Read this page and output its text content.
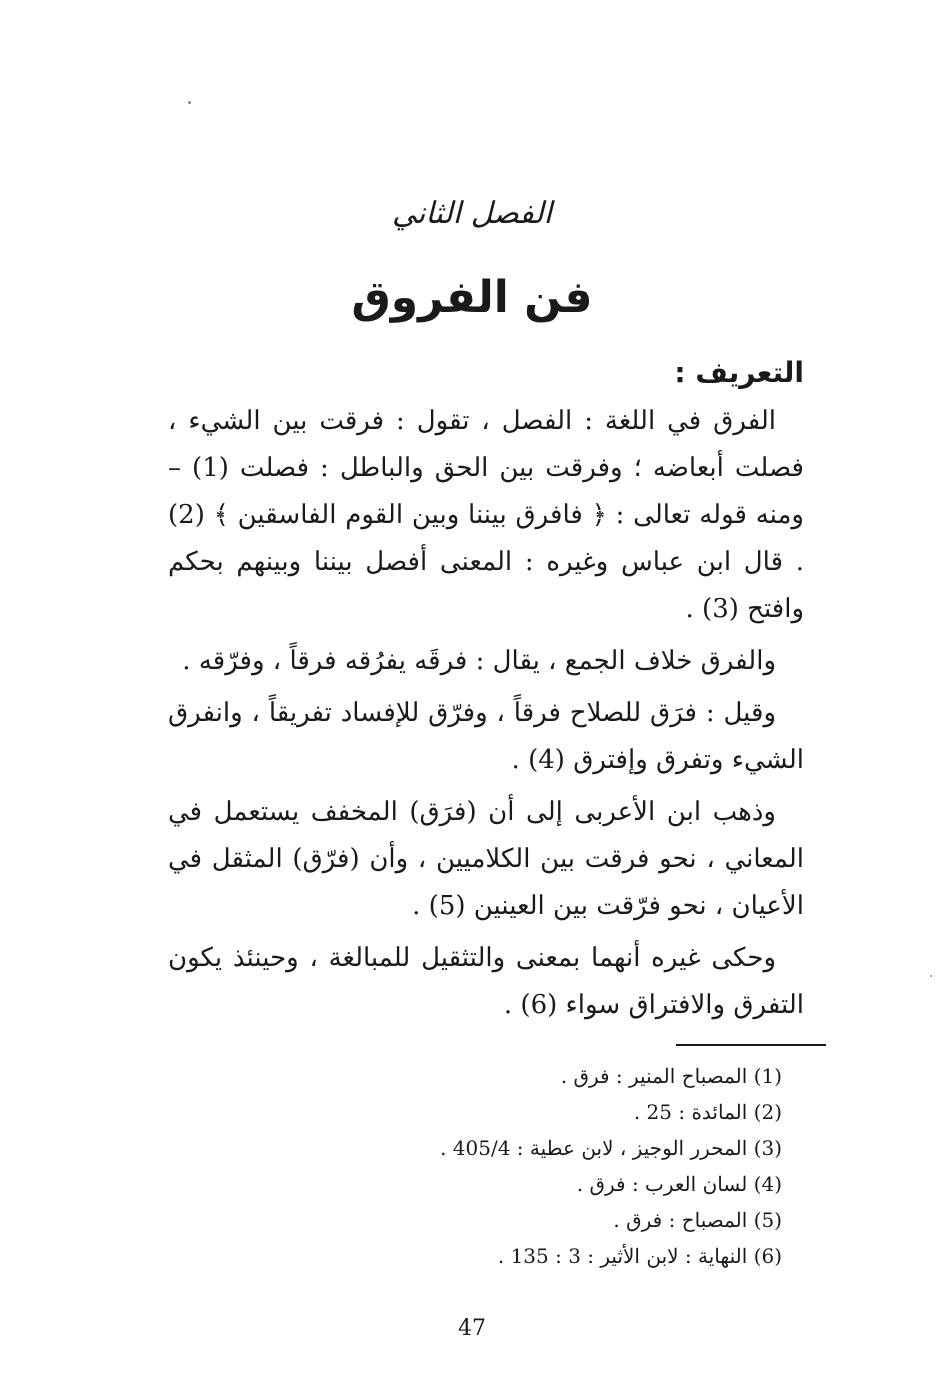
الفصل الثاني
فن الفروق
التعريف :

الفرق في اللغة : الفصل ، تقول : فرقت بين الشيء ، فصلت أبعاضه ؛ وفرقت بين الحق والباطل : فصلت (1) – ومنه قوله تعالى : ﴿ فافرق بيننا وبين القوم الفاسقين ﴾ (2) . قال ابن عباس وغيره : المعنى أفصل بيننا وبينهم بحكم وافتح (3) .

والفرق خلاف الجمع ، يقال : فرقَه يفرُقه فرقاً ، وفرّقه .

وقيل : فرَق للصلاح فرقاً ، وفرّق للإفساد تفريقاً ، وانفرق الشيء وتفرق وإفترق (4) .

وذهب ابن الأعربى إلى أن (فرَق) المخفف يستعمل في المعاني ، نحو فرقت بين الكلاميين ، وأن (فرّق) المثقل في الأعيان ، نحو فرّقت بين العينين (5) .

وحكى غيره أنهما بمعنى والتثقيل للمبالغة ، وحينئذ يكون التفرق والافتراق سواء (6) .

(1) المصباح المنير : فرق .
(2) المائدة : 25 .
(3) المحرر الوجيز ، لابن عطية : 405/4 .
(4) لسان العرب : فرق .
(5) المصباح : فرق .
(6) النهاية : لابن الأثير : 3 : 135 .
47
